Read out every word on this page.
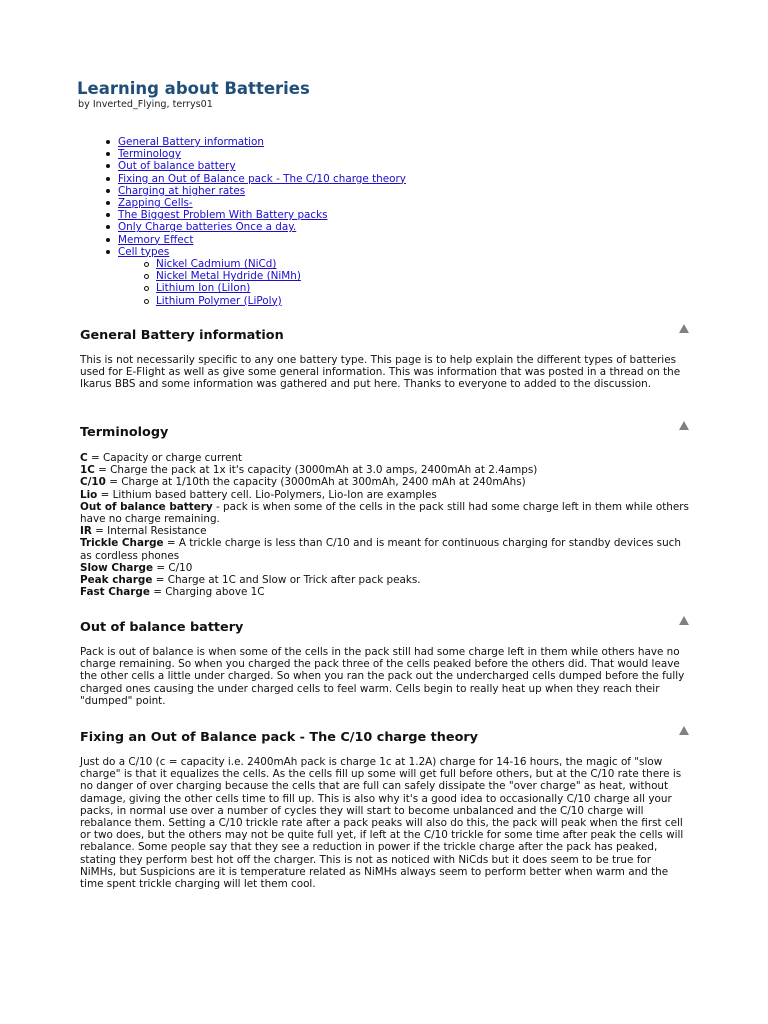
Learning about Batteries
by Inverted_Flying, terrys01
General Battery information
Terminology
Out of balance battery
Fixing an Out of Balance pack - The C/10 charge theory
Charging at higher rates
Zapping Cells-
The Biggest Problem With Battery packs
Only Charge batteries Once a day.
Memory Effect
Cell types
Nickel Cadmium (NiCd)
Nickel Metal Hydride (NiMh)
Lithium Ion (LiIon)
Lithium Polymer (LiPoly)
General Battery information

This is not necessarily specific to any one battery type. This page is to help explain the different types of batteries used for E-Flight as well as give some general information. This was information that was posted in a thread on the Ikarus BBS and some information was gathered and put here. Thanks to everyone to added to the discussion.

Terminology
C = Capacity or charge current
1C = Charge the pack at 1x it's capacity (3000mAh at 3.0 amps, 2400mAh at 2.4amps)
C/10 = Charge at 1/10th the capacity (3000mAh at 300mAh, 2400 mAh at 240mAhs)
Lio = Lithium based battery cell. Lio-Polymers, Lio-Ion are examples
Out of balance battery - pack is when some of the cells in the pack still had some charge left in them while others have no charge remaining.
IR = Internal Resistance
Trickle Charge = A trickle charge is less than C/10 and is meant for continuous charging for standby devices such as cordless phones
Slow Charge = C/10
Peak charge = Charge at 1C and Slow or Trick after pack peaks.
Fast Charge = Charging above 1C
Out of balance battery

Pack is out of balance is when some of the cells in the pack still had some charge left in them while others have no charge remaining. So when you charged the pack three of the cells peaked before the others did. That would leave the other cells a little under charged. So when you ran the pack out the undercharged cells dumped before the fully charged ones causing the under charged cells to feel warm. Cells begin to really heat up when they reach their "dumped" point.

Fixing an Out of Balance pack - The C/10 charge theory

Just do a C/10 (c = capacity i.e. 2400mAh pack is charge 1c at 1.2A) charge for 14-16 hours, the magic of "slow charge" is that it equalizes the cells. As the cells fill up some will get full before others, but at the C/10 rate there is no danger of over charging because the cells that are full can safely dissipate the "over charge" as heat, without damage, giving the other cells time to fill up. This is also why it's a good idea to occasionally C/10 charge all your packs, in normal use over a number of cycles they will start to become unbalanced and the C/10 charge will rebalance them. Setting a C/10 trickle rate after a pack peaks will also do this, the pack will peak when the first cell or two does, but the others may not be quite full yet, if left at the C/10 trickle for some time after peak the cells will rebalance. Some people say that they see a reduction in power if the trickle charge after the pack has peaked, stating they perform best hot off the charger. This is not as noticed with NiCds but it does seem to be true for NiMHs, but Suspicions are it is temperature related as NiMHs always seem to perform better when warm and the time spent trickle charging will let them cool.
